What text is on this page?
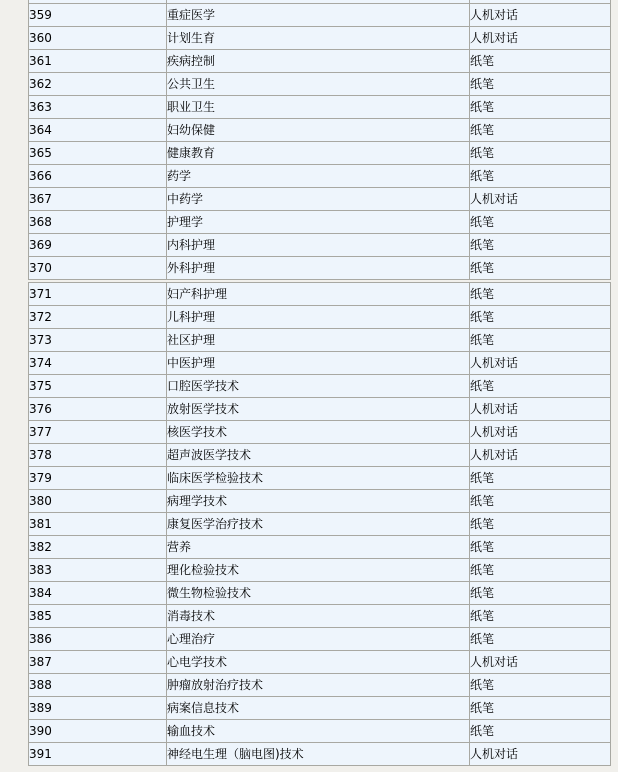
359	重症医学	人机对话
360	计划生育	人机对话
361	疾病控制	纸笔
362	公共卫生	纸笔
363	职业卫生	纸笔
364	妇幼保健	纸笔
365	健康教育	纸笔
366	药学	纸笔
367	中药学	人机对话
368	护理学	纸笔
369	内科护理	纸笔
370	外科护理	纸笔
371	妇产科护理	纸笔
372	儿科护理	纸笔
373	社区护理	纸笔
374	中医护理	人机对话
375	口腔医学技术	纸笔
376	放射医学技术	人机对话
377	核医学技术	人机对话
378	超声波医学技术	人机对话
379	临床医学检验技术	纸笔
380	病理学技术	纸笔
381	康复医学治疗技术	纸笔
382	营养	纸笔
383	理化检验技术	纸笔
384	微生物检验技术	纸笔
385	消毒技术	纸笔
386	心理治疗	纸笔
387	心电学技术	人机对话
388	肿瘤放射治疗技术	纸笔
389	病案信息技术	纸笔
390	输血技术	纸笔
391	神经电生理（脑电图)技术	人机对话
